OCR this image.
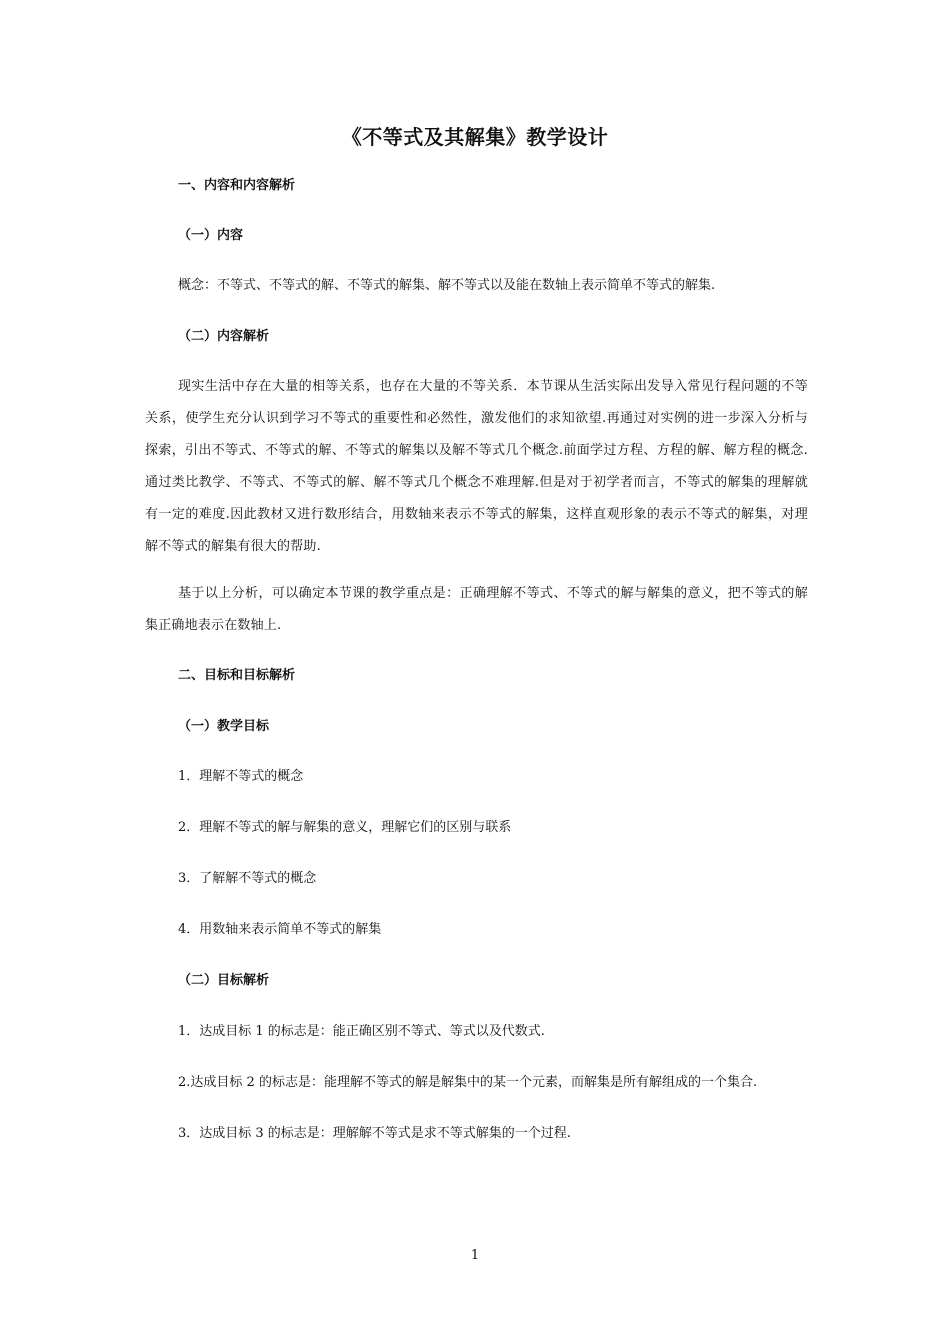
《不等式及其解集》教学设计
一、内容和内容解析
（一）内容
概念：不等式、不等式的解、不等式的解集、解不等式以及能在数轴上表示简单不等式的解集.
（二）内容解析
现实生活中存在大量的相等关系，也存在大量的不等关系．本节课从生活实际出发导入常见行程问题的不等关系，使学生充分认识到学习不等式的重要性和必然性，激发他们的求知欲望.再通过对实例的进一步深入分析与探索，引出不等式、不等式的解、不等式的解集以及解不等式几个概念.前面学过方程、方程的解、解方程的概念.通过类比教学、不等式、不等式的解、解不等式几个概念不难理解.但是对于初学者而言，不等式的解集的理解就有一定的难度.因此教材又进行数形结合，用数轴来表示不等式的解集，这样直观形象的表示不等式的解集，对理解不等式的解集有很大的帮助.
基于以上分析，可以确定本节课的教学重点是：正确理解不等式、不等式的解与解集的意义，把不等式的解集正确地表示在数轴上.
二、目标和目标解析
（一）教学目标
1．理解不等式的概念
2．理解不等式的解与解集的意义，理解它们的区别与联系
3．了解解不等式的概念
4．用数轴来表示简单不等式的解集
（二）目标解析
1．达成目标 1 的标志是：能正确区别不等式、等式以及代数式.
2.达成目标 2 的标志是：能理解不等式的解是解集中的某一个元素，而解集是所有解组成的一个集合.
3．达成目标 3 的标志是：理解解不等式是求不等式解集的一个过程.
1
